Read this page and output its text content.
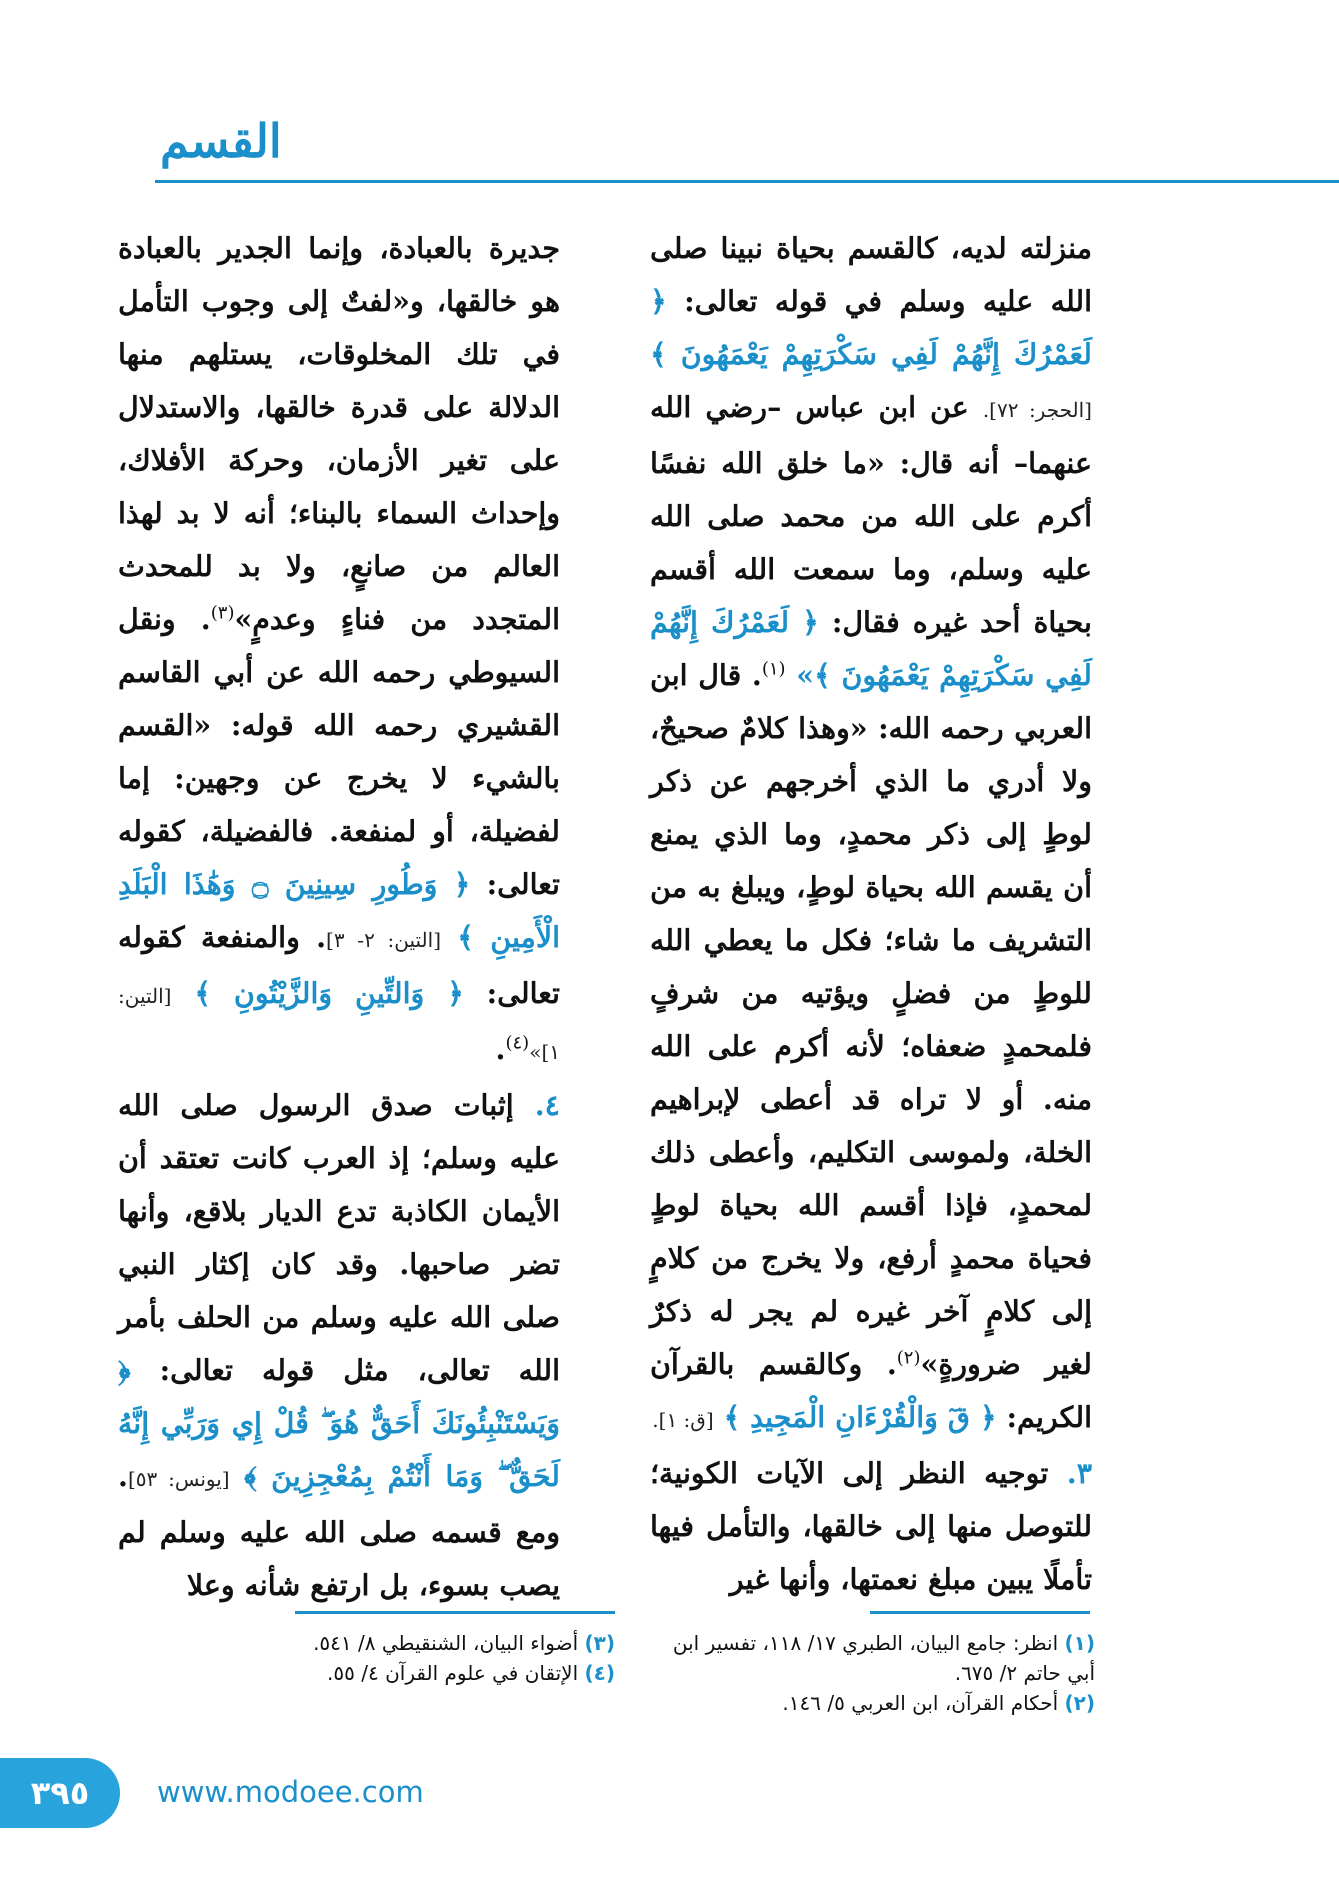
القسم

منزلته لديه، كالقسم بحياة نبينا صلى الله عليه وسلم في قوله تعالى: ﴿ لَعَمْرُكَ إِنَّهُمْ لَفِي سَكْرَتِهِمْ يَعْمَهُونَ ﴾ [الحجر: ٧٢]. عن ابن عباس –رضي الله عنهما– أنه قال: «ما خلق الله نفسًا أكرم على الله من محمد صلى الله عليه وسلم، وما سمعت الله أقسم بحياة أحد غيره فقال: ﴿ لَعَمْرُكَ إِنَّهُمْ لَفِي سَكْرَتِهِمْ يَعْمَهُونَ ﴾» $^{(١)}$. قال ابن العربي رحمه الله: «وهذا كلامٌ صحيحٌ، ولا أدري ما الذي أخرجهم عن ذكر لوطٍ إلى ذكر محمدٍ، وما الذي يمنع أن يقسم الله بحياة لوطٍ، ويبلغ به من التشريف ما شاء؛ فكل ما يعطي الله للوطٍ من فضلٍ ويؤتيه من شرفٍ فلمحمدٍ ضعفاه؛ لأنه أكرم على الله منه. أو لا تراه قد أعطى لإبراهيم الخلة، ولموسى التكليم، وأعطى ذلك لمحمدٍ، فإذا أقسم الله بحياة لوطٍ فحياة محمدٍ أرفع، ولا يخرج من كلامٍ إلى كلامٍ آخر غيره لم يجر له ذكرٌ لغير ضرورةٍ»$^{(٢)}$. وكالقسم بالقرآن الكريم: ﴿ قٓ وَالْقُرْءَانِ الْمَجِيدِ ﴾ [ق: ١].

٣. توجيه النظر إلى الآيات الكونية؛ للتوصل منها إلى خالقها، والتأمل فيها تأملًا يبين مبلغ نعمتها، وأنها غير

جديرة بالعبادة، وإنما الجدير بالعبادة هو خالقها، و«لفتٌ إلى وجوب التأمل في تلك المخلوقات، يستلهم منها الدلالة على قدرة خالقها، والاستدلال على تغير الأزمان، وحركة الأفلاك، وإحداث السماء بالبناء؛ أنه لا بد لهذا العالم من صانعٍ، ولا بد للمحدث المتجدد من فناءٍ وعدمٍ»$^{(٣)}$. ونقل السيوطي رحمه الله عن أبي القاسم القشيري رحمه الله قوله: «القسم بالشيء لا يخرج عن وجهين: إما لفضيلة، أو لمنفعة. فالفضيلة، كقوله تعالى: ﴿ وَطُورِ سِينِينَ ۝ وَهَٰذَا الْبَلَدِ الْأَمِينِ ﴾ [التين: ٢- ٣]. والمنفعة كقوله تعالى: ﴿ وَالتِّينِ وَالزَّيْتُونِ ﴾ [التين: ١]»$^{(٤)}$.

٤. إثبات صدق الرسول صلى الله عليه وسلم؛ إذ العرب كانت تعتقد أن الأيمان الكاذبة تدع الديار بلاقع، وأنها تضر صاحبها. وقد كان إكثار النبي صلى الله عليه وسلم من الحلف بأمر الله تعالى، مثل قوله تعالى: ﴿ وَيَسْتَنْبِئُونَكَ أَحَقٌّ هُوَ ۖ قُلْ إِي وَرَبِّي إِنَّهُ لَحَقٌّ ۖ وَمَا أَنْتُمْ بِمُعْجِزِينَ ﴾ [يونس: ٥٣]. ومع قسمه صلى الله عليه وسلم لم يصب بسوء، بل ارتفع شأنه وعلا

(١) انظر: جامع البيان، الطبري ١٧/ ١١٨، تفسير ابن أبي حاتم ٢/ ٦٧٥.
(٢) أحكام القرآن، ابن العربي ٥/ ١٤٦.
(٣) أضواء البيان، الشنقيطي ٨/ ٥٤١.
(٤) الإتقان في علوم القرآن ٤/ ٥٥.
٣٩٥	www.modoee.com
